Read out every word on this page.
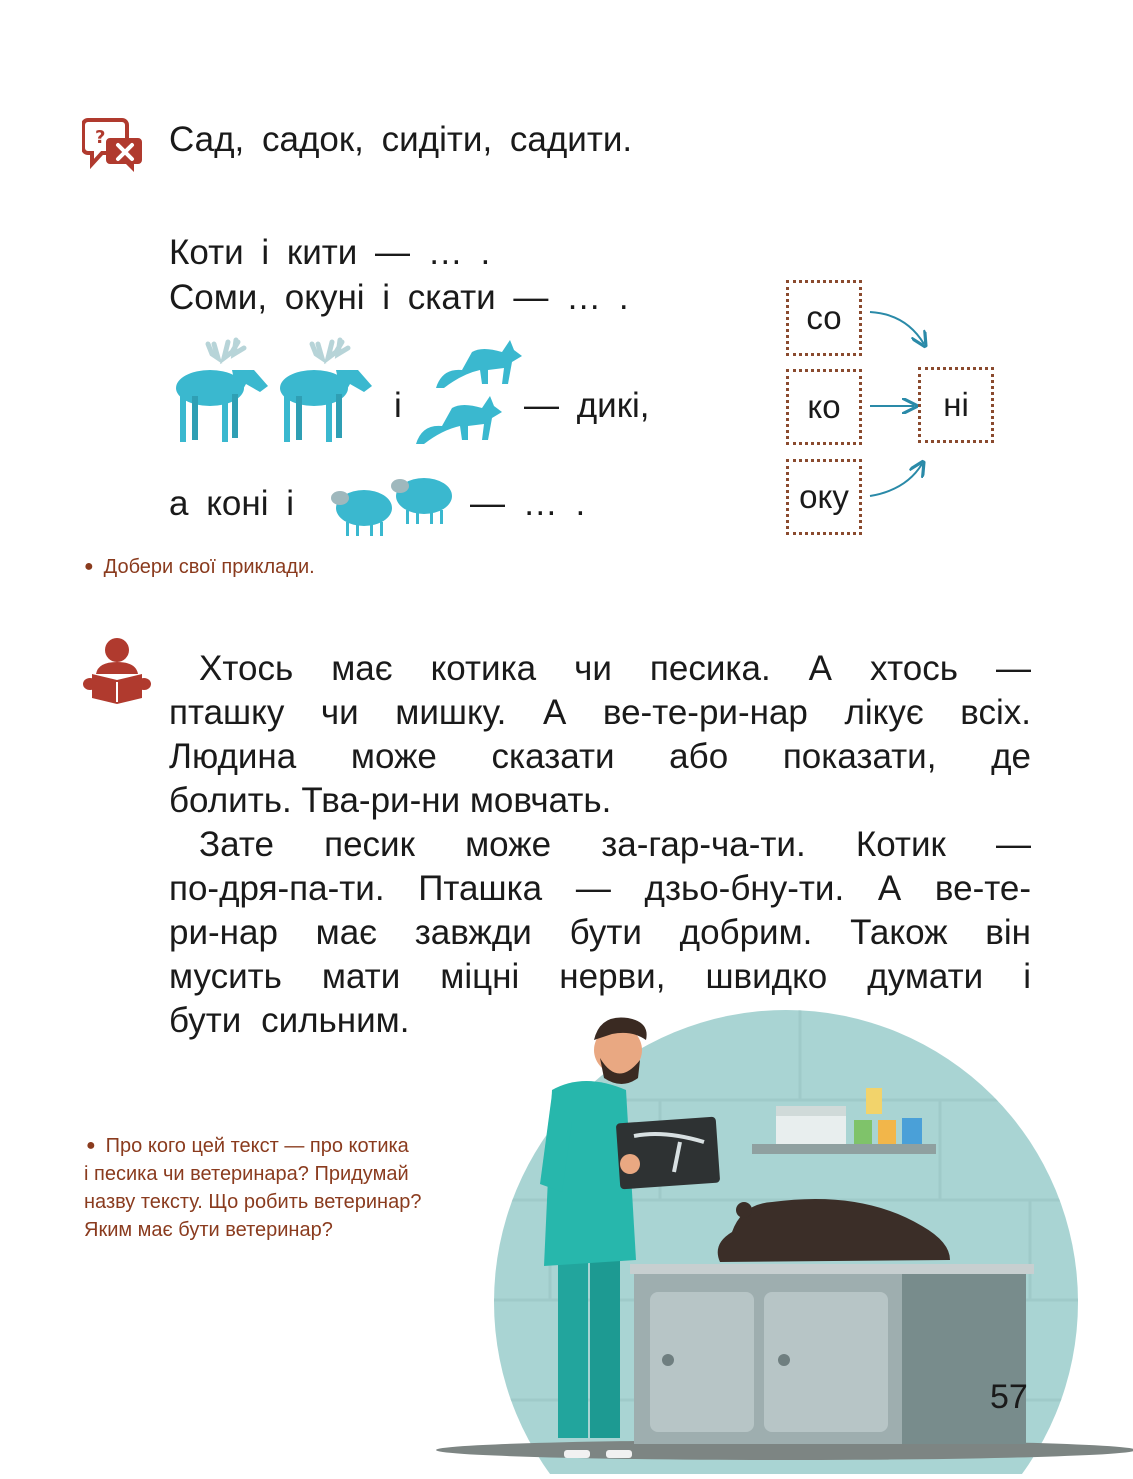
? Сад, садок, сидіти, садити.
Коти і кити — … .
Соми, окуні і скати — … .
і	— дикі,
а коні і	— … .
со
ко
оку
ні
● Добери свої приклади.
Хтось має котика чи песика. А хтось —
пташку чи мишку. А ве-те-ри-нар лікує всіх.
Людина може сказати або показати, де
болить. Тва-ри-ни мовчать.
Зате песик може за-гар-ча-ти. Котик —
по-дря-па-ти. Пташка — дзьо-бну-ти. А ве-те-
ри-нар має завжди бути добрим. Також він
мусить мати міцні нерви, швидко думати і
бути сильним.
● Про кого цей текст — про котика
і песика чи ветеринара? Придумай
назву тексту. Що робить ветеринар?
Яким має бути ветеринар?
57
